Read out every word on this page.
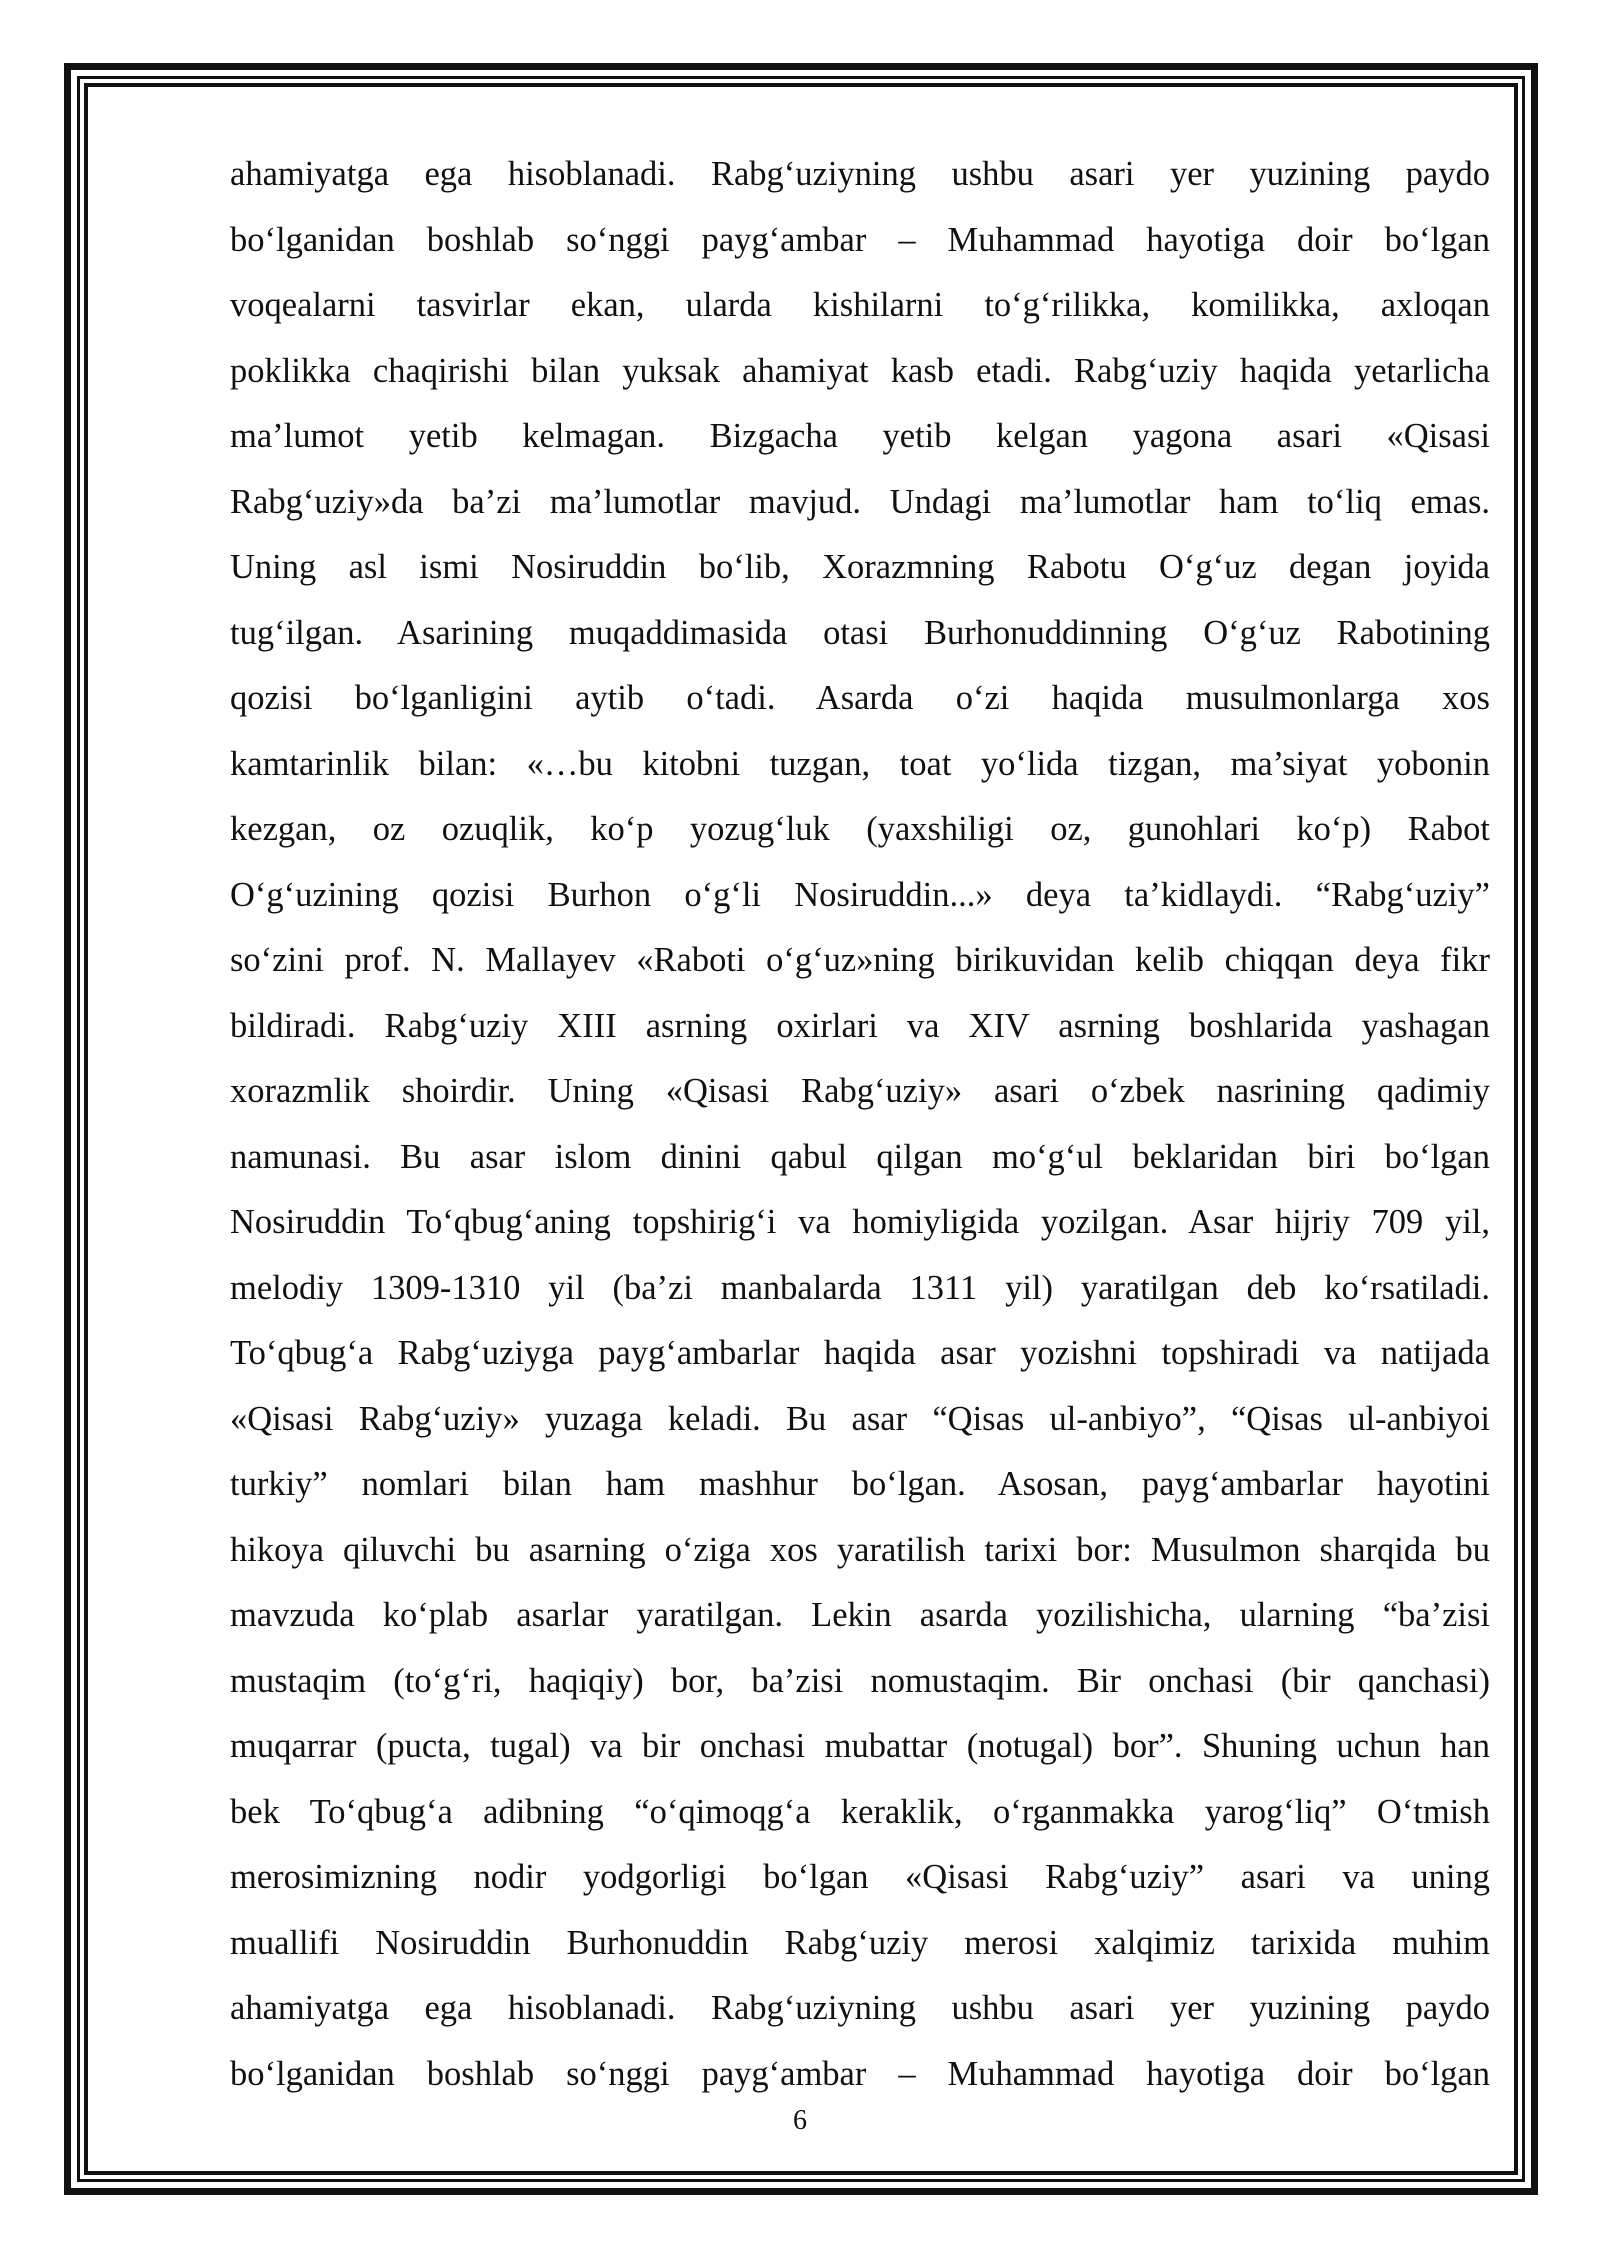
ahamiyatga ega hisoblanadi. Rabg‘uziyning ushbu asari yer yuzining paydo
bo‘lganidan boshlab so‘nggi payg‘ambar – Muhammad hayotiga doir bo‘lgan
voqealarni tasvirlar ekan, ularda kishilarni to‘g‘rilikka, komilikka, axloqan
poklikka chaqirishi bilan yuksak ahamiyat kasb etadi. Rabg‘uziy haqida yetarlicha
ma’lumot yetib kelmagan. Bizgacha yetib kelgan yagona asari «Qisasi
Rabg‘uziy»da ba’zi ma’lumotlar mavjud. Undagi ma’lumotlar ham to‘liq emas.
Uning asl ismi Nosiruddin bo‘lib, Xorazmning Rabotu O‘g‘uz degan joyida
tug‘ilgan. Asarining muqaddimasida otasi Burhonuddinning O‘g‘uz Rabotining
qozisi bo‘lganligini aytib o‘tadi. Asarda o‘zi haqida musulmonlarga xos
kamtarinlik bilan: «…bu kitobni tuzgan, toat yo‘lida tizgan, ma’siyat yobonin
kezgan, oz ozuqlik, ko‘p yozug‘luk (yaxshiligi oz, gunohlari ko‘p) Rabot
O‘g‘uzining qozisi Burhon o‘g‘li Nosiruddin...» deya ta’kidlaydi. “Rabg‘uziy”
so‘zini prof. N. Mallayev «Raboti o‘g‘uz»ning birikuvidan kelib chiqqan deya fikr
bildiradi. Rabg‘uziy XIII asrning oxirlari va XIV asrning boshlarida yashagan
xorazmlik shoirdir. Uning «Qisasi Rabg‘uziy» asari o‘zbek nasrining qadimiy
namunasi. Bu asar islom dinini qabul qilgan mo‘g‘ul beklaridan biri bo‘lgan
Nosiruddin To‘qbug‘aning topshirig‘i va homiyligida yozilgan. Asar hijriy 709 yil,
melodiy 1309-1310 yil (ba’zi manbalarda 1311 yil) yaratilgan deb ko‘rsatiladi.
To‘qbug‘a Rabg‘uziyga payg‘ambarlar haqida asar yozishni topshiradi va natijada
«Qisasi Rabg‘uziy» yuzaga keladi. Bu asar “Qisas ul-anbiyo”, “Qisas ul-anbiyoi
turkiy” nomlari bilan ham mashhur bo‘lgan. Asosan, payg‘ambarlar hayotini
hikoya qiluvchi bu asarning o‘ziga xos yaratilish tarixi bor: Musulmon sharqida bu
mavzuda ko‘plab asarlar yaratilgan. Lekin asarda yozilishicha, ularning “ba’zisi
mustaqim (to‘g‘ri, haqiqiy) bor, ba’zisi nomustaqim. Bir onchasi (bir qanchasi)
muqarrar (pucta, tugal) va bir onchasi mubattar (notugal) bor”. Shuning uchun han
bek To‘qbug‘a adibning “o‘qimoqg‘a keraklik, o‘rganmakka yarog‘liq” O‘tmish
merosimizning nodir yodgorligi bo‘lgan «Qisasi Rabg‘uziy” asari va uning
muallifi Nosiruddin Burhonuddin Rabg‘uziy merosi xalqimiz tarixida muhim
ahamiyatga ega hisoblanadi. Rabg‘uziyning ushbu asari yer yuzining paydo
bo‘lganidan boshlab so‘nggi payg‘ambar – Muhammad hayotiga doir bo‘lgan
6
